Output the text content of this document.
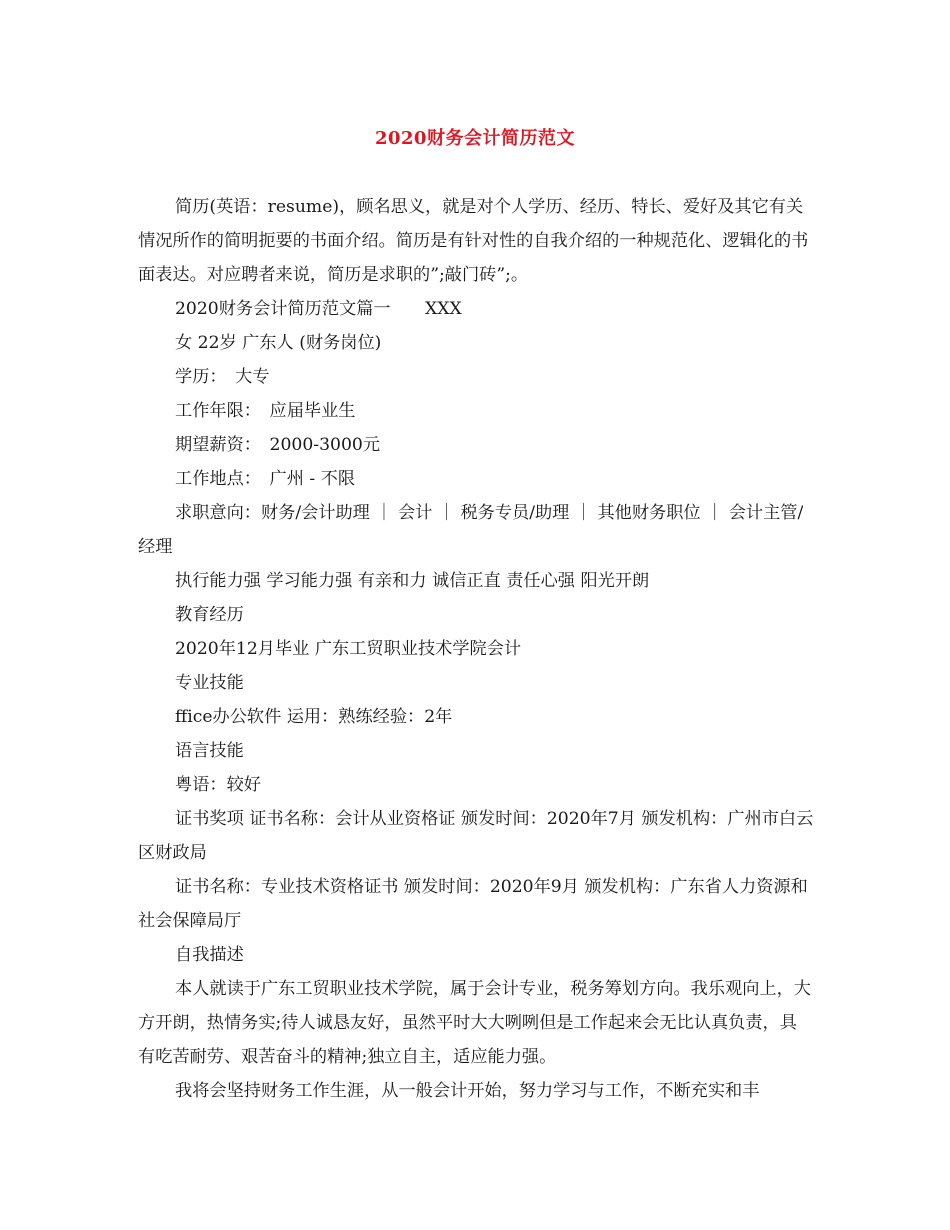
2020财务会计简历范文

简历(英语：resume)，顾名思义，就是对个人学历、经历、特长、爱好及其它有关情况所作的简明扼要的书面介绍。简历是有针对性的自我介绍的一种规范化、逻辑化的书面表达。对应聘者来说，简历是求职的”;敲门砖”;。

2020财务会计简历范文篇一　　XXX

女 22岁 广东人 (财务岗位)

学历：　大专

工作年限：　应届毕业生

期望薪资：　2000-3000元

工作地点：　广州 - 不限

求职意向：财务/会计助理 ｜ 会计 ｜ 税务专员/助理 ｜ 其他财务职位 ｜ 会计主管/经理

执行能力强 学习能力强 有亲和力 诚信正直 责任心强 阳光开朗

教育经历

2020年12月毕业 广东工贸职业技术学院会计

专业技能

ffice办公软件 运用：熟练经验：2年

语言技能

粤语：较好

证书奖项 证书名称：会计从业资格证 颁发时间：2020年7月 颁发机构：广州市白云区财政局

证书名称：专业技术资格证书 颁发时间：2020年9月 颁发机构：广东省人力资源和社会保障局厅

自我描述

本人就读于广东工贸职业技术学院，属于会计专业，税务筹划方向。我乐观向上，大方开朗，热情务实;待人诚恳友好，虽然平时大大咧咧但是工作起来会无比认真负责，具有吃苦耐劳、艰苦奋斗的精神;独立自主，适应能力强。

我将会坚持财务工作生涯，从一般会计开始，努力学习与工作，不断充实和丰
